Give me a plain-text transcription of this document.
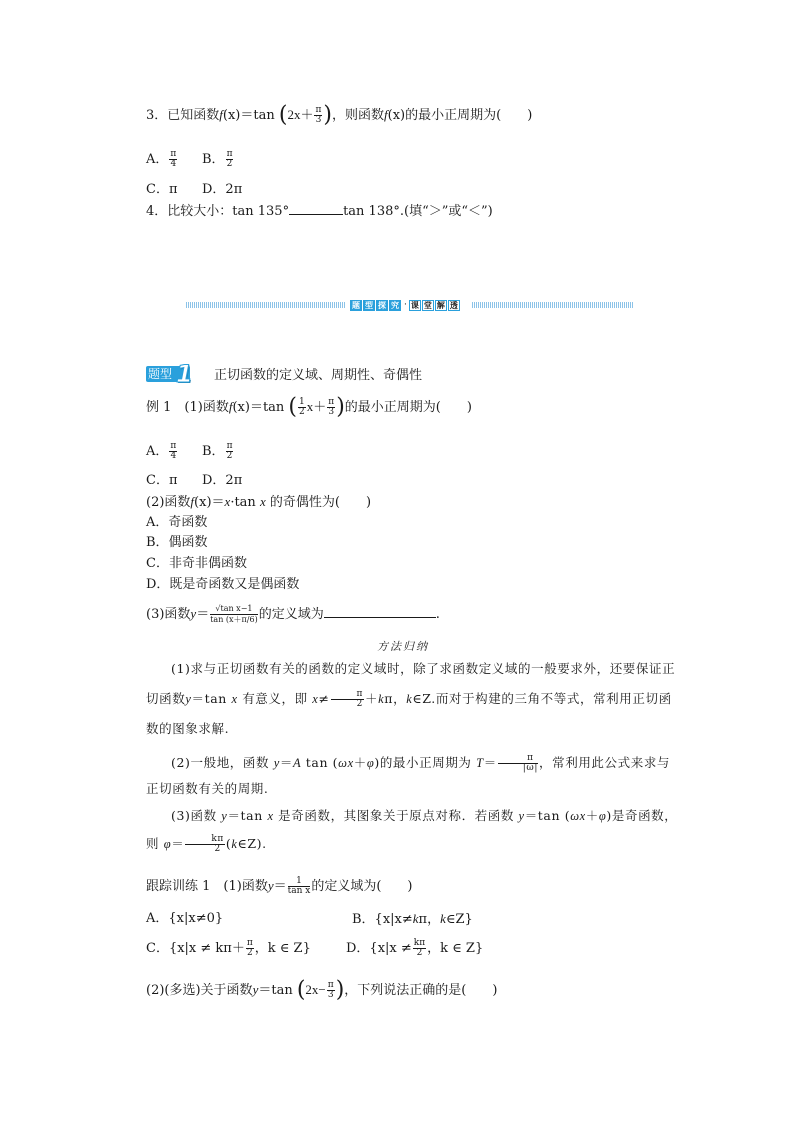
3．已知函数f(x)＝tan ($2x+ \frac{\pi}{3}$ )，则函数f(x)的最小正周期为(　　)
A． $\frac{\pi}{4}$ B． $\frac{\pi}{2}$
C．π D．2π
4．比较大小：tan 135°	tan 138°.(填“＞”或“＜”)
题 型 探 究 · 课 堂 解 透
题型 1 正切函数的定义域、周期性、奇偶性
例 1　(1)函数f(x)＝tan ( $\frac{1}{2} x+ \frac{\pi}{3}$ )的最小正周期为(　　)
A． $\frac{\pi}{4}$ B． $\frac{\pi}{2}$
C．π D．2π
(2)函数f(x)＝x·tan x 的奇偶性为(　　)
A．奇函数
B．偶函数
C．非奇非偶函数
D．既是奇函数又是偶函数
(3)函数$y= \frac{\text{√tan x−1}}{\tan (x+\pi/6)}$ 的定义域为	.
方法归纳
(1)求与正切函数有关的函数的定义域时，除了求函数定义域的一般要求外，还要保证正切函数y＝tan x 有意义，即 $x\ne \frac{\pi}{2} +k\pi$，k∈Z.而对于构建的三角不等式，常利用正切函数的图象求解.
(2)一般地，函数 y＝A tan (ωx＋φ)的最小正周期为 $T= \frac{\pi}{|\omega|}$ ，常利用此公式来求与正切函数有关的周期.
(3)函数 y＝tan x 是奇函数，其图象关于原点对称．若函数 y＝tan (ωx＋φ)是奇函数，则 $\varphi= \frac{k\pi}{2}$ (k∈Z).
跟踪训练 1　(1)函数$y= \frac{1}{\text{tan x}}$ 的定义域为(　　)
A．{x|x≠0}	B．{x|x≠kπ，k∈Z}
C．{$x|x \ne k\pi+ \frac{\pi}{2}$ ，k ∈ Z}	D．{$x|x \ne \frac{k\pi}{2}$ ，k ∈ Z}
(2)(多选)关于函数y＝tan ($2x- \frac{\pi}{3}$ )，下列说法正确的是(　　)
